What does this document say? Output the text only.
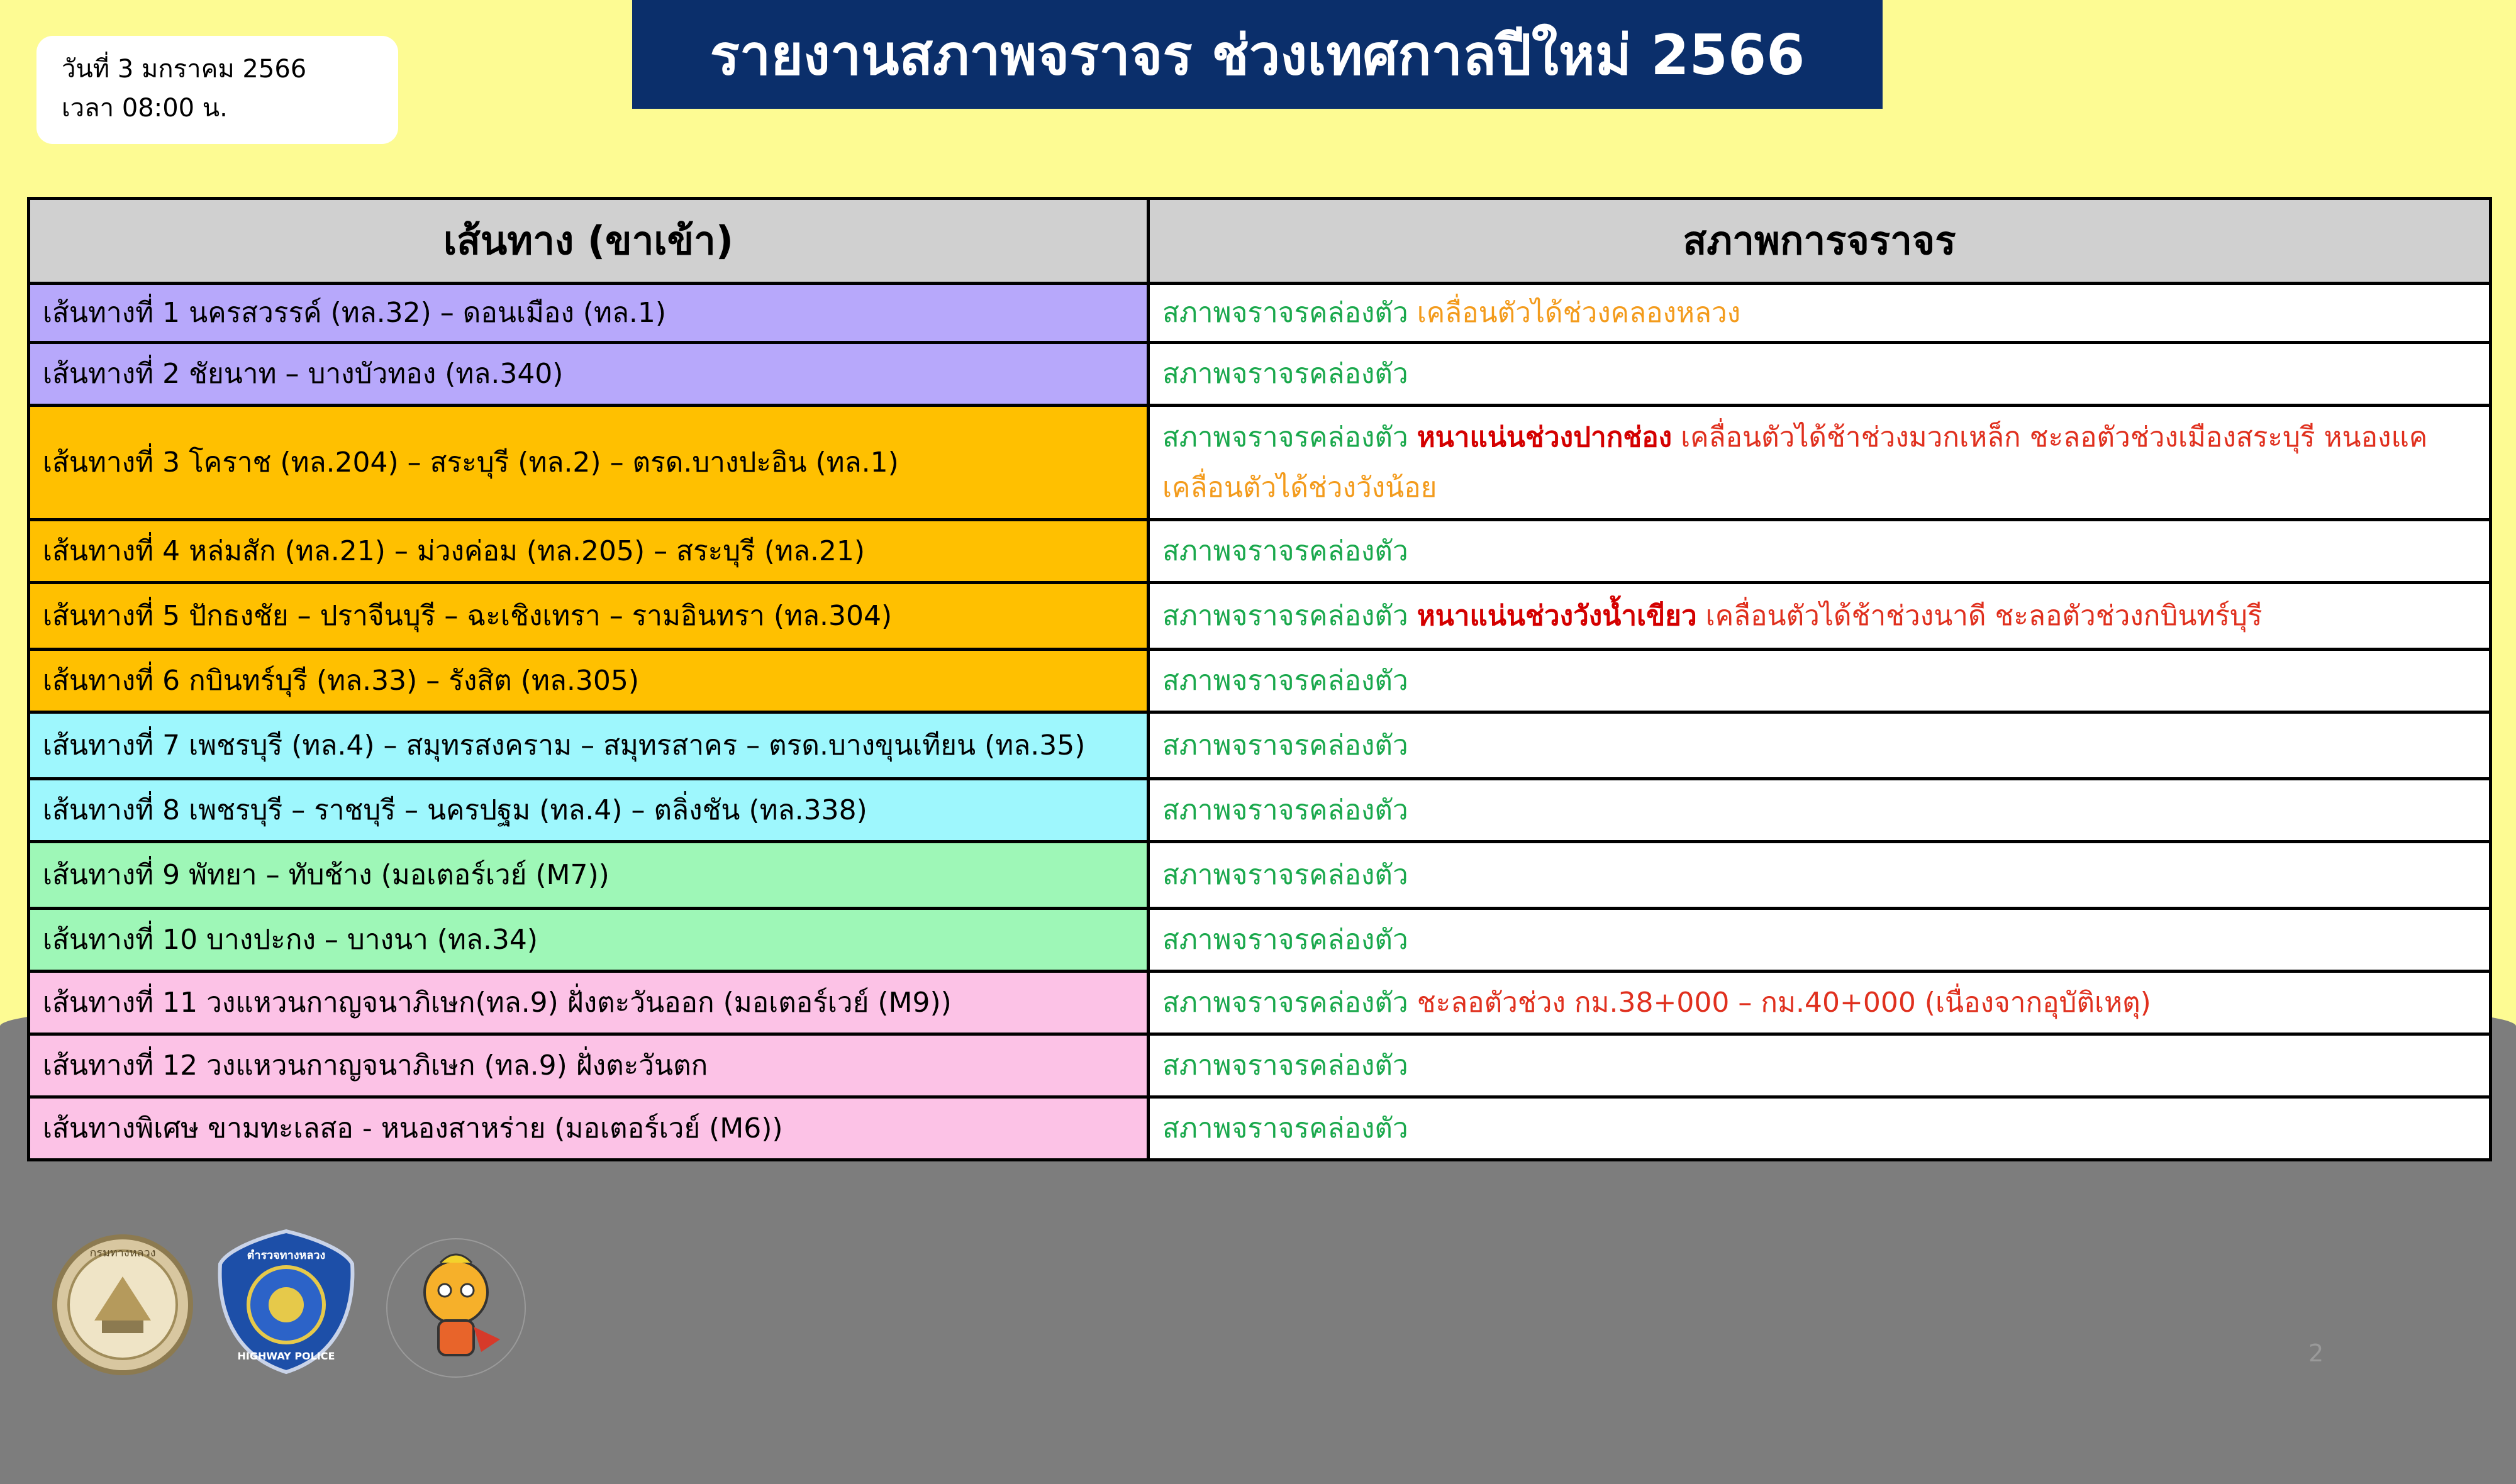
วันที่ 3 มกราคม 2566
เวลา 08:00 น.
รายงานสภาพจราจร ช่วงเทศกาลปีใหม่ 2566
เส้นทาง (ขาเข้า)	สภาพการจราจร
เส้นทางที่ 1 นครสวรรค์ (ทล.32) – ดอนเมือง (ทล.1)	สภาพจราจรคล่องตัว เคลื่อนตัวได้ช่วงคลองหลวง
เส้นทางที่ 2 ชัยนาท – บางบัวทอง (ทล.340)	สภาพจราจรคล่องตัว
เส้นทางที่ 3 โคราช (ทล.204) – สระบุรี (ทล.2) – ตรด.บางปะอิน (ทล.1)	สภาพจราจรคล่องตัว หนาแน่นช่วงปากช่อง เคลื่อนตัวได้ช้าช่วงมวกเหล็ก ชะลอตัวช่วงเมืองสระบุรี หนองแค เคลื่อนตัวได้ช่วงวังน้อย
เส้นทางที่ 4 หล่มสัก (ทล.21) – ม่วงค่อม (ทล.205) – สระบุรี (ทล.21)	สภาพจราจรคล่องตัว
เส้นทางที่ 5 ปักธงชัย – ปราจีนบุรี – ฉะเชิงเทรา – รามอินทรา (ทล.304)	สภาพจราจรคล่องตัว หนาแน่นช่วงวังน้ำเขียว เคลื่อนตัวได้ช้าช่วงนาดี ชะลอตัวช่วงกบินทร์บุรี
เส้นทางที่ 6 กบินทร์บุรี (ทล.33) – รังสิต (ทล.305)	สภาพจราจรคล่องตัว
เส้นทางที่ 7 เพชรบุรี (ทล.4) – สมุทรสงคราม – สมุทรสาคร – ตรด.บางขุนเทียน (ทล.35)	สภาพจราจรคล่องตัว
เส้นทางที่ 8 เพชรบุรี – ราชบุรี – นครปฐม (ทล.4) – ตลิ่งชัน (ทล.338)	สภาพจราจรคล่องตัว
เส้นทางที่ 9 พัทยา – ทับช้าง (มอเตอร์เวย์ (M7))	สภาพจราจรคล่องตัว
เส้นทางที่ 10 บางปะกง – บางนา (ทล.34)	สภาพจราจรคล่องตัว
เส้นทางที่ 11 วงแหวนกาญจนาภิเษก(ทล.9) ฝั่งตะวันออก (มอเตอร์เวย์ (M9))	สภาพจราจรคล่องตัว ชะลอตัวช่วง กม.38+000 – กม.40+000 (เนื่องจากอุบัติเหตุ)
เส้นทางที่ 12 วงแหวนกาญจนาภิเษก (ทล.9) ฝั่งตะวันตก	สภาพจราจรคล่องตัว
เส้นทางพิเศษ ขามทะเลสอ - หนองสาหร่าย (มอเตอร์เวย์ (M6))	สภาพจราจรคล่องตัว
กรมทางหลวง	ตำรวจทางหลวง
HIGHWAY POLICE	2
